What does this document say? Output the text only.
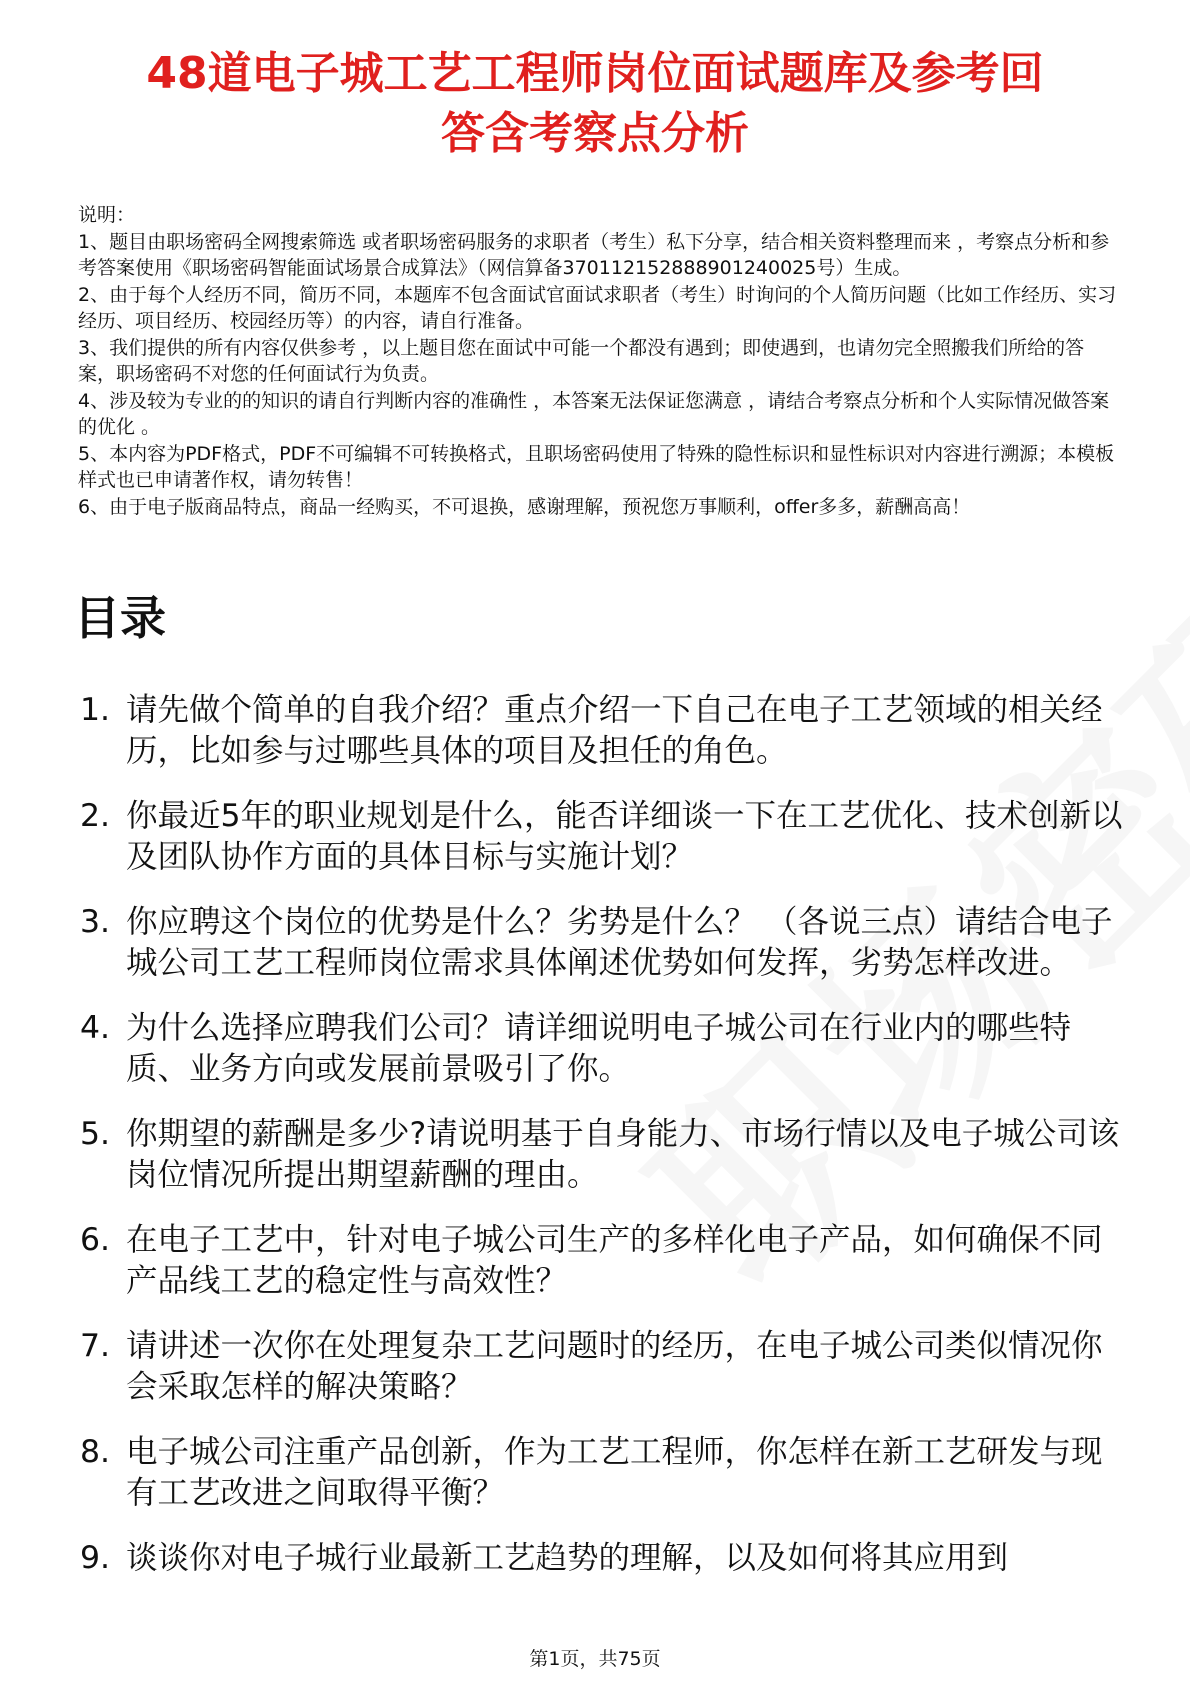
48道电子城工艺工程师岗位面试题库及参考回
答含考察点分析
说明：
1、题目由职场密码全网搜索筛选 或者职场密码服务的求职者（考生）私下分享，结合相关资料整理而来 ，考察点分析和参考答案使用《职场密码智能面试场景合成算法》（网信算备370112152888901240025号）生成。
2、由于每个人经历不同，简历不同，本题库不包含面试官面试求职者（考生）时询问的个人简历问题（比如工作经历、实习经历、项目经历、校园经历等）的内容，请自行准备。
3、我们提供的所有内容仅供参考 ，以上题目您在面试中可能一个都没有遇到；即使遇到，也请勿完全照搬我们所给的答案，职场密码不对您的任何面试行为负责。
4、涉及较为专业的的知识的请自行判断内容的准确性 ，本答案无法保证您满意 ，请结合考察点分析和个人实际情况做答案的优化 。
5、本内容为PDF格式，PDF不可编辑不可转换格式，且职场密码使用了特殊的隐性标识和显性标识对内容进行溯源；本模板样式也已申请著作权，请勿转售！
6、由于电子版商品特点，商品一经购买，不可退换，感谢理解，预祝您万事顺利，offer多多，薪酬高高！
目录
1. 请先做个简单的自我介绍？重点介绍一下自己在电子工艺领域的相关经历，比如参与过哪些具体的项目及担任的角色。
2. 你最近5年的职业规划是什么，能否详细谈一下在工艺优化、技术创新以及团队协作方面的具体目标与实施计划？
3. 你应聘这个岗位的优势是什么？劣势是什么？ （各说三点）请结合电子城公司工艺工程师岗位需求具体阐述优势如何发挥，劣势怎样改进。
4. 为什么选择应聘我们公司？请详细说明电子城公司在行业内的哪些特质、业务方向或发展前景吸引了你。
5. 你期望的薪酬是多少?请说明基于自身能力、市场行情以及电子城公司该岗位情况所提出期望薪酬的理由。
6. 在电子工艺中，针对电子城公司生产的多样化电子产品，如何确保不同产品线工艺的稳定性与高效性？
7. 请讲述一次你在处理复杂工艺问题时的经历，在电子城公司类似情况你会采取怎样的解决策略？
8. 电子城公司注重产品创新，作为工艺工程师，你怎样在新工艺研发与现有工艺改进之间取得平衡？
9. 谈谈你对电子城行业最新工艺趋势的理解，以及如何将其应用到
第1页，共75页
